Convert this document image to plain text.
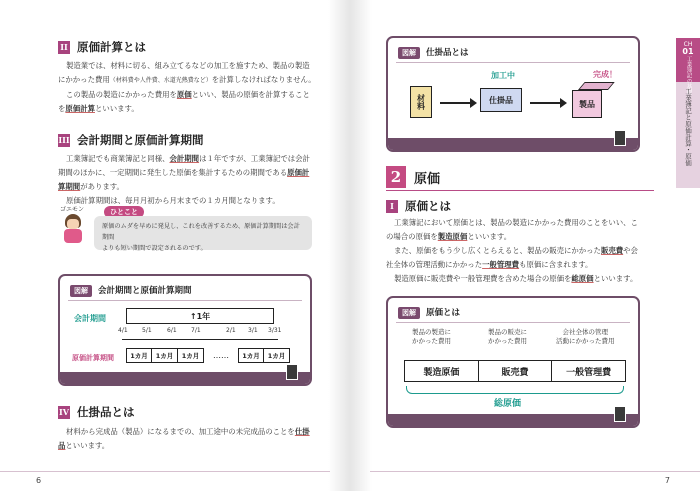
II 原価計算とは
製造業では、材料に切る、組み立てるなどの加工を施すため、製品の製造
にかかった費用（材料費や人件費、水道光熱費など）を計算しなければなりません。
この製品の製造にかかった費用を原価といい、製品の原価を計算すること
を原価計算といいます。
III 会計期間と原価計算期間
工業簿記でも商業簿記と同様、会計期間は１年ですが、工業簿記では会計
期間のほかに、一定期間に発生した原価を集計するための期間である原価計
算期間があります。
原価計算期間は、毎月月初から月末までの１カ月間となります。
ゴエモン	ひとこと
原価のムダを早めに発見し、これを改善するため、原価計算期間は会計期間
よりも短い期間で設定されるのです。
図解	会計期間と原価計算期間
会計期間	↑ 1年
4/1 5/1	6/1 7/1	2/1 3/1 3/31
原価計算期間	1カ月	1カ月	1カ月	……	1カ月	1カ月
IV 仕掛品とは
材料から完成品（製品）になるまでの、加工途中の未完成品のことを仕掛
品といいます。
6
図解	仕掛品とは
材料
加工中
仕掛品
完成！
製品
2 原価
I 原価とは
工業簿記において原価とは、製品の製造にかかった費用のことをいい、こ
の場合の原価を製造原価といいます。
また、原価をもう少し広くとらえると、製品の販売にかかった販売費や会
社全体の管理活動にかかった一般管理費も原価に含まれます。
製造原価に販売費や一般管理費を含めた場合の原価を総原価といいます。
図解	原価とは
製品の製造に
かかった費用
製品の販売に
かかった費用
会社全体の管理
活動にかかった費用
製造原価	販売費	一般管理費
総原価
CH
01
工業簿記の基礎
工業簿記と原価計算・原価
7
